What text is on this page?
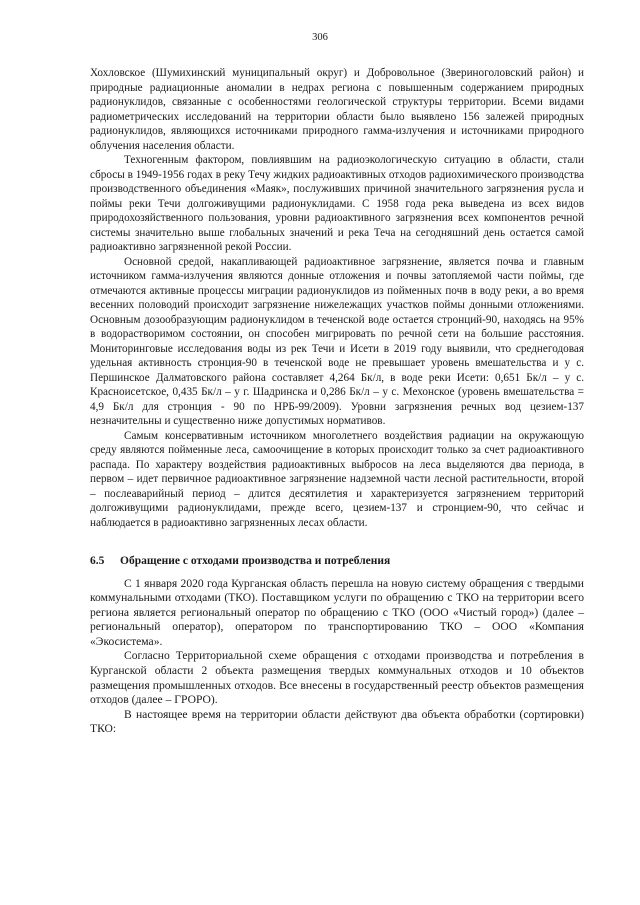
306

Хохловское (Шумихинский муниципальный округ) и Добровольное (Звериноголовский район) и природные радиационные аномалии в недрах региона с повышенным содержанием природных радионуклидов, связанные с особенностями геологической структуры территории. Всеми видами радиометрических исследований на территории области было выявлено 156 залежей природных радионуклидов, являющихся источниками природного гамма-излучения и источниками природного облучения населения области.

Техногенным фактором, повлиявшим на радиоэкологическую ситуацию в области, стали сбросы в 1949-1956 годах в реку Течу жидких радиоактивных отходов радиохимического производства производственного объединения «Маяк», послуживших причиной значительного загрязнения русла и поймы реки Течи долгоживущими радионуклидами. С 1958 года река выведена из всех видов природохозяйственного пользования, уровни радиоактивного загрязнения всех компонентов речной системы значительно выше глобальных значений и река Теча на сегодняшний день остается самой радиоактивно загрязненной рекой России.

Основной средой, накапливающей радиоактивное загрязнение, является почва и главным источником гамма-излучения являются донные отложения и почвы затопляемой части поймы, где отмечаются активные процессы миграции радионуклидов из пойменных почв в воду реки, а во время весенних половодий происходит загрязнение нижележащих участков поймы донными отложениями. Основным дозообразующим радионуклидом в теченской воде остается стронций-90, находясь на 95% в водорастворимом состоянии, он способен мигрировать по речной сети на большие расстояния. Мониторинговые исследования воды из рек Течи и Исети в 2019 году выявили, что среднегодовая удельная активность стронция-90 в теченской воде не превышает уровень вмешательства и у с. Першинское Далматовского района составляет 4,264 Бк/л, в воде реки Исети: 0,651 Бк/л – у с. Красноисетское, 0,435 Бк/л – у г. Шадринска и 0,286 Бк/л – у с. Мехонское (уровень вмешательства = 4,9 Бк/л для стронция - 90 по НРБ-99/2009). Уровни загрязнения речных вод цезием-137 незначительны и существенно ниже допустимых нормативов.

Самым консервативным источником многолетнего воздействия радиации на окружающую среду являются пойменные леса, самоочищение в которых происходит только за счет радиоактивного распада. По характеру воздействия радиоактивных выбросов на леса выделяются два периода, в первом – идет первичное радиоактивное загрязнение надземной части лесной растительности, второй – послеаварийный период – длится десятилетия и характеризуется загрязнением территорий долгоживущими радионуклидами, прежде всего, цезием-137 и стронцием-90, что сейчас и наблюдается в радиоактивно загрязненных лесах области.

6.5 Обращение с отходами производства и потребления

С 1 января 2020 года Курганская область перешла на новую систему обращения с твердыми коммунальными отходами (ТКО). Поставщиком услуги по обращению с ТКО на территории всего региона является региональный оператор по обращению с ТКО (ООО «Чистый город») (далее – региональный оператор), оператором по транспортированию ТКО – ООО «Компания «Экосистема».

Согласно Территориальной схеме обращения с отходами производства и потребления в Курганской области 2 объекта размещения твердых коммунальных отходов и 10 объектов размещения промышленных отходов. Все внесены в государственный реестр объектов размещения отходов (далее – ГРОРО).

В настоящее время на территории области действуют два объекта обработки (сортировки) ТКО:
